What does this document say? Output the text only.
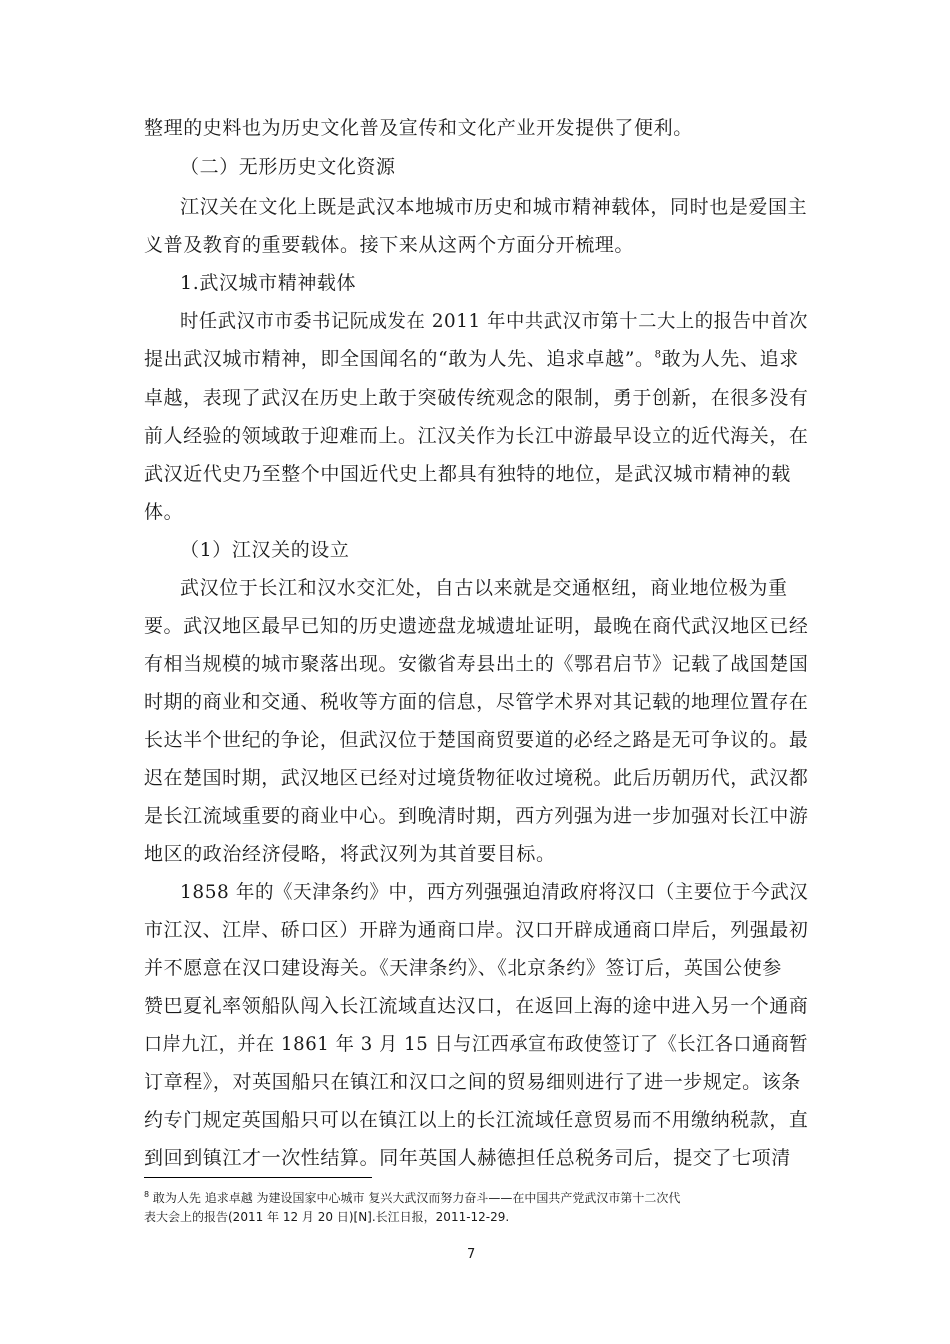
整理的史料也为历史文化普及宣传和文化产业开发提供了便利。
（二）无形历史文化资源
江汉关在文化上既是武汉本地城市历史和城市精神载体，同时也是爱国主
义普及教育的重要载体。接下来从这两个方面分开梳理。
1.武汉城市精神载体
时任武汉市市委书记阮成发在 2011 年中共武汉市第十二大上的报告中首次
提出武汉城市精神，即全国闻名的“敢为人先、追求卓越”。$^8$敢为人先、追求
卓越，表现了武汉在历史上敢于突破传统观念的限制，勇于创新，在很多没有
前人经验的领域敢于迎难而上。江汉关作为长江中游最早设立的近代海关，在
武汉近代史乃至整个中国近代史上都具有独特的地位，是武汉城市精神的载
体。
（1）江汉关的设立
武汉位于长江和汉水交汇处，自古以来就是交通枢纽，商业地位极为重
要。武汉地区最早已知的历史遗迹盘龙城遗址证明，最晚在商代武汉地区已经
有相当规模的城市聚落出现。安徽省寿县出土的《鄂君启节》记载了战国楚国
时期的商业和交通、税收等方面的信息，尽管学术界对其记载的地理位置存在
长达半个世纪的争论，但武汉位于楚国商贸要道的必经之路是无可争议的。最
迟在楚国时期，武汉地区已经对过境货物征收过境税。此后历朝历代，武汉都
是长江流域重要的商业中心。到晚清时期，西方列强为进一步加强对长江中游
地区的政治经济侵略，将武汉列为其首要目标。
1858 年的《天津条约》中，西方列强强迫清政府将汉口（主要位于今武汉
市江汉、江岸、硚口区）开辟为通商口岸。汉口开辟成通商口岸后，列强最初
并不愿意在汉口建设海关。《天津条约》、《北京条约》签订后，英国公使参
赞巴夏礼率领船队闯入长江流域直达汉口，在返回上海的途中进入另一个通商
口岸九江，并在 1861 年 3 月 15 日与江西承宣布政使签订了《长江各口通商暂
订章程》，对英国船只在镇江和汉口之间的贸易细则进行了进一步规定。该条
约专门规定英国船只可以在镇江以上的长江流域任意贸易而不用缴纳税款，直
到回到镇江才一次性结算。同年英国人赫德担任总税务司后，提交了七项清
$^8$ 敢为人先 追求卓越 为建设国家中心城市 复兴大武汉而努力奋斗——在中国共产党武汉市第十二次代
表大会上的报告(2011 年 12 月 20 日)[N].长江日报，2011-12-29.
7
